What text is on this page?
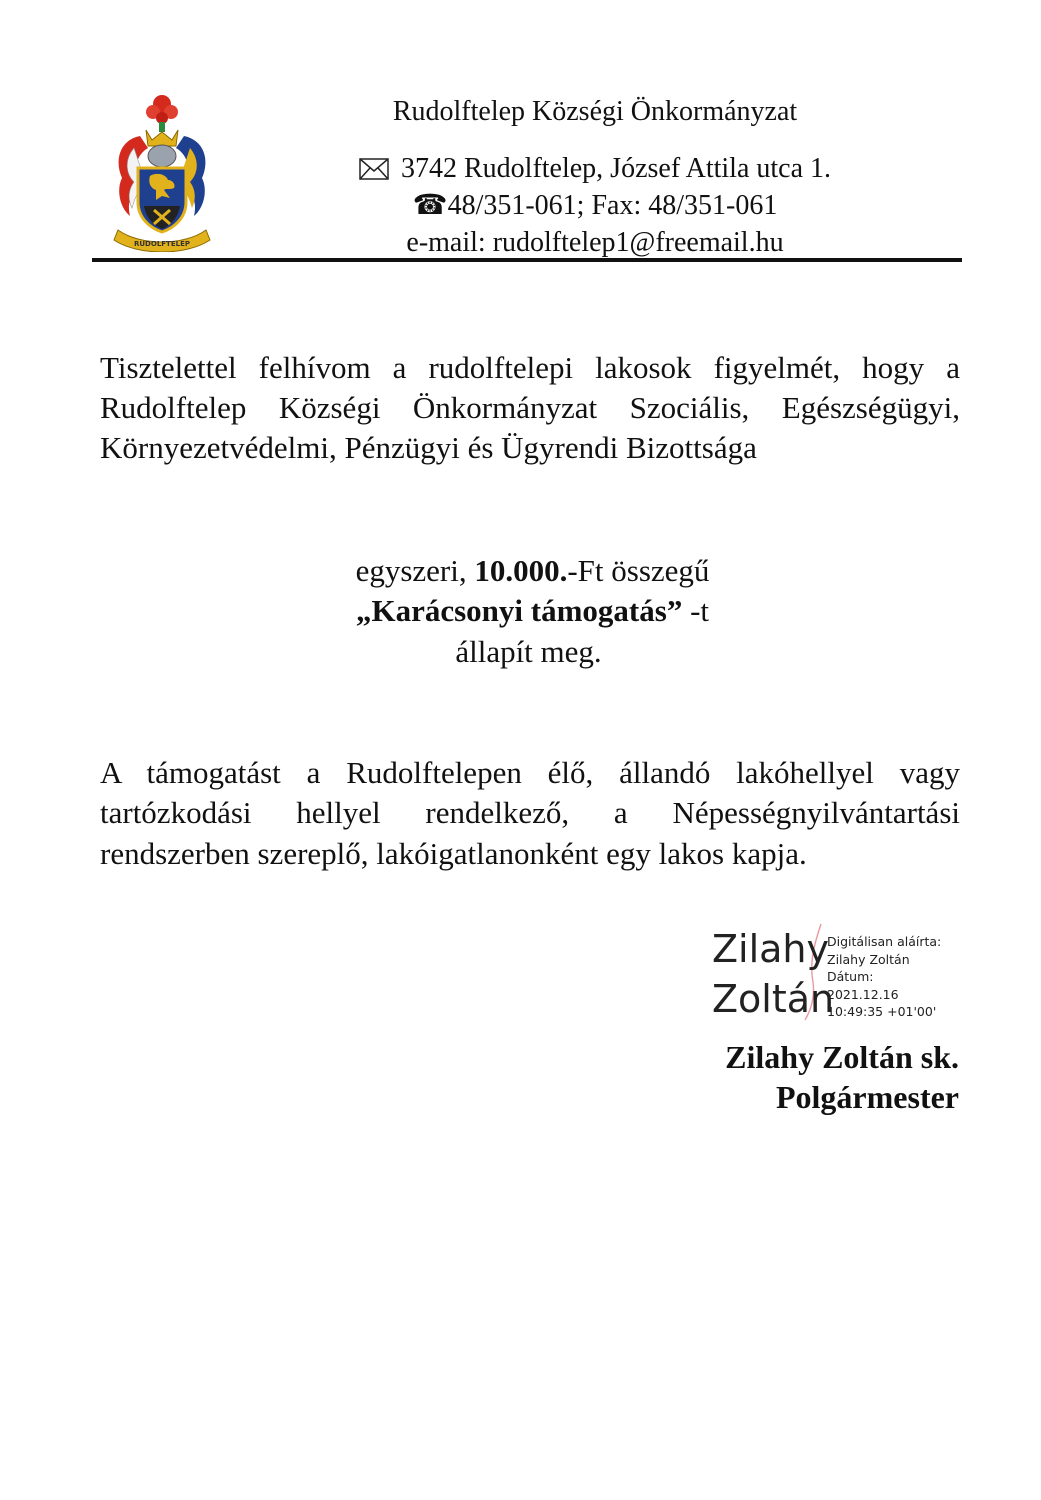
RUDOLFTELEP
Rudolftelep Községi Önkormányzat
3742 Rudolftelep, József Attila utca 1.
☎48/351-061; Fax: 48/351-061
e-mail: rudolftelep1@freemail.hu

Tisztelettel felhívom a rudolftelepi lakosok figyelmét, hogy a

Rudolftelep Községi Önkormányzat Szociális, Egészségügyi,

Környezetvédelmi, Pénzügyi és Ügyrendi Bizottsága

egyszeri, 10.000.-Ft összegű
„Karácsonyi támogatás” -t
állapít meg.

A támogatást a Rudolftelepen élő, állandó lakóhellyel vagy

tartózkodási hellyel rendelkező, a Népességnyilvántartási

rendszerben szereplő, lakóigatlanonként egy lakos kapja.

Zilahy
Zoltán
Digitálisan aláírta:
Zilahy Zoltán
Dátum:
2021.12.16
10:49:35 +01'00'
Zilahy Zoltán sk.
Polgármester
